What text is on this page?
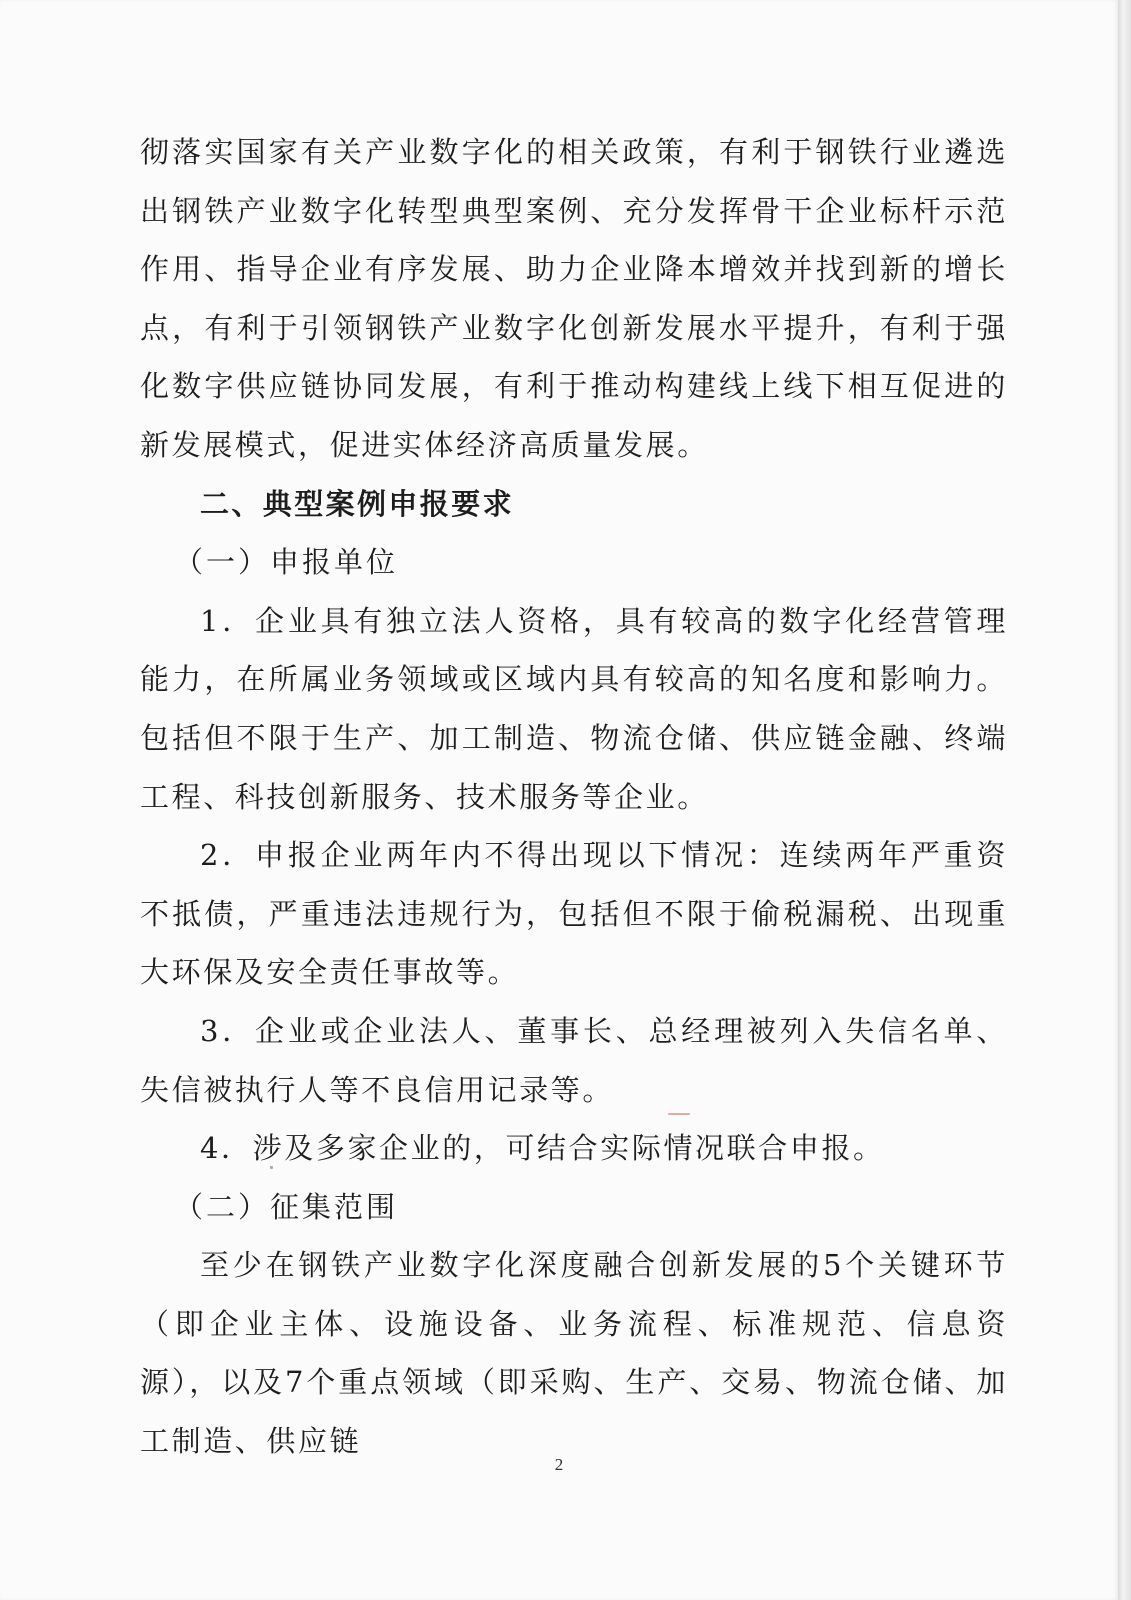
彻落实国家有关产业数字化的相关政策，有利于钢铁行业遴选出钢铁产业数字化转型典型案例、充分发挥骨干企业标杆示范作用、指导企业有序发展、助力企业降本增效并找到新的增长点，有利于引领钢铁产业数字化创新发展水平提升，有利于强化数字供应链协同发展，有利于推动构建线上线下相互促进的新发展模式，促进实体经济高质量发展。

二、典型案例申报要求

（一）申报单位

1．企业具有独立法人资格，具有较高的数字化经营管理能力，在所属业务领域或区域内具有较高的知名度和影响力。包括但不限于生产、加工制造、物流仓储、供应链金融、终端工程、科技创新服务、技术服务等企业。

2．申报企业两年内不得出现以下情况：连续两年严重资不抵债，严重违法违规行为，包括但不限于偷税漏税、出现重大环保及安全责任事故等。

3．企业或企业法人、董事长、总经理被列入失信名单、失信被执行人等不良信用记录等。

4．涉及多家企业的，可结合实际情况联合申报。

（二）征集范围

至少在钢铁产业数字化深度融合创新发展的5个关键环节（即企业主体、设施设备、业务流程、标准规范、信息资源），以及7个重点领域（即采购、生产、交易、物流仓储、加工制造、供应链

2
